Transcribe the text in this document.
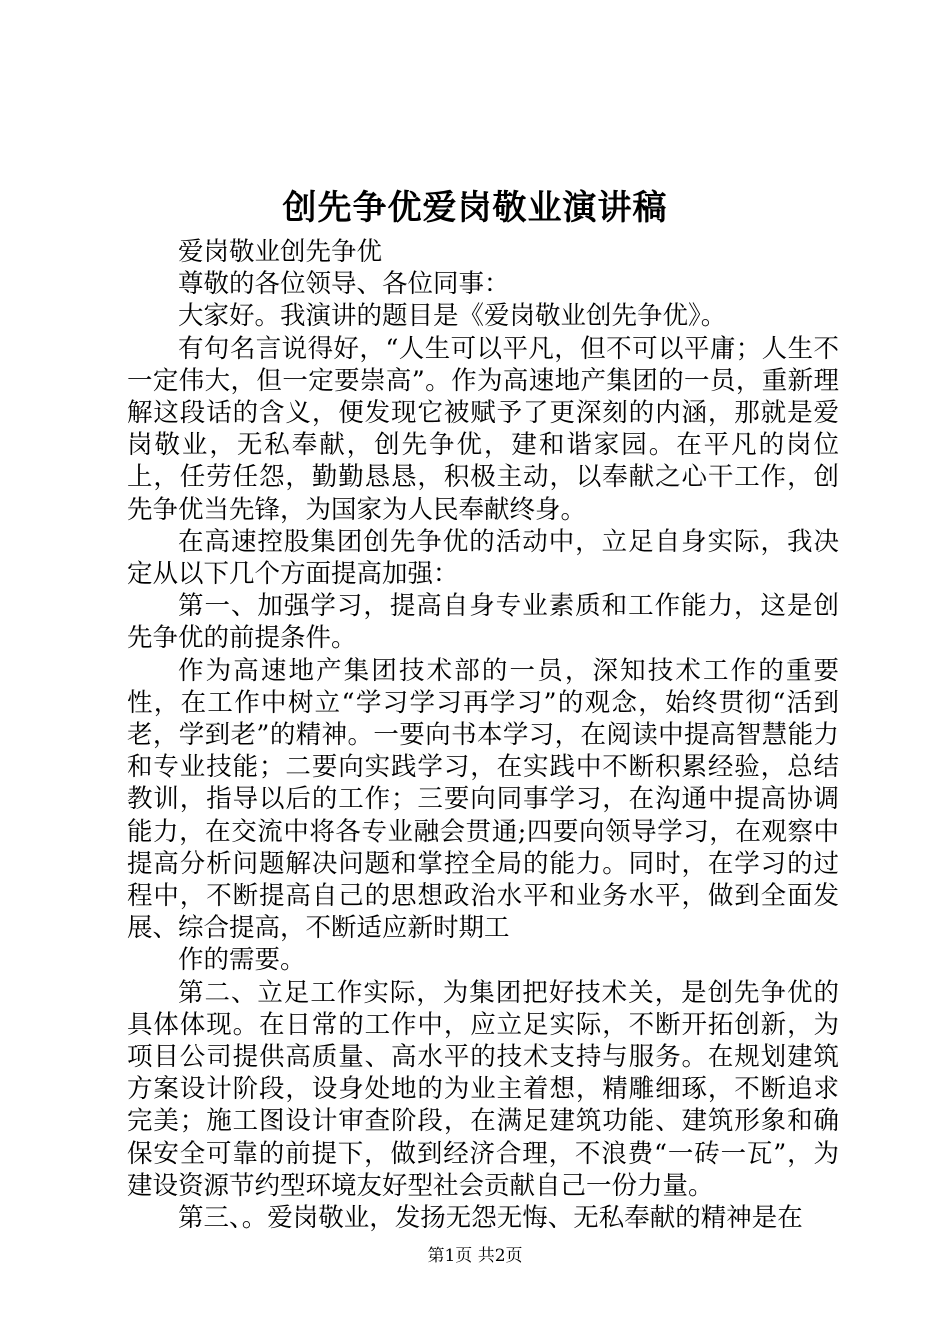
创先争优爱岗敬业演讲稿

爱岗敬业创先争优

尊敬的各位领导、各位同事：

大家好。我演讲的题目是《爱岗敬业创先争优》。

有句名言说得好，“人生可以平凡，但不可以平庸；人生不一定伟大，但一定要崇高”。作为高速地产集团的一员，重新理解这段话的含义，便发现它被赋予了更深刻的内涵，那就是爱岗敬业，无私奉献，创先争优，建和谐家园。在平凡的岗位上，任劳任怨，勤勤恳恳，积极主动，以奉献之心干工作，创先争优当先锋，为国家为人民奉献终身。

在高速控股集团创先争优的活动中，立足自身实际，我决定从以下几个方面提高加强：

第一、加强学习，提高自身专业素质和工作能力，这是创先争优的前提条件。

作为高速地产集团技术部的一员，深知技术工作的重要性，在工作中树立“学习学习再学习”的观念，始终贯彻“活到老，学到老”的精神。一要向书本学习，在阅读中提高智慧能力和专业技能；二要向实践学习，在实践中不断积累经验，总结教训，指导以后的工作；三要向同事学习，在沟通中提高协调能力，在交流中将各专业融会贯通;四要向领导学习，在观察中提高分析问题解决问题和掌控全局的能力。同时，在学习的过程中，不断提高自己的思想政治水平和业务水平，做到全面发展、综合提高，不断适应新时期工

作的需要。

第二、立足工作实际，为集团把好技术关，是创先争优的具体体现。在日常的工作中，应立足实际，不断开拓创新，为项目公司提供高质量、高水平的技术支持与服务。在规划建筑方案设计阶段，设身处地的为业主着想，精雕细琢，不断追求完美；施工图设计审查阶段，在满足建筑功能、建筑形象和确保安全可靠的前提下，做到经济合理，不浪费“一砖一瓦”，为建设资源节约型环境友好型社会贡献自己一份力量。

第三、。爱岗敬业，发扬无怨无悔、无私奉献的精神是在

第1页 共2页
